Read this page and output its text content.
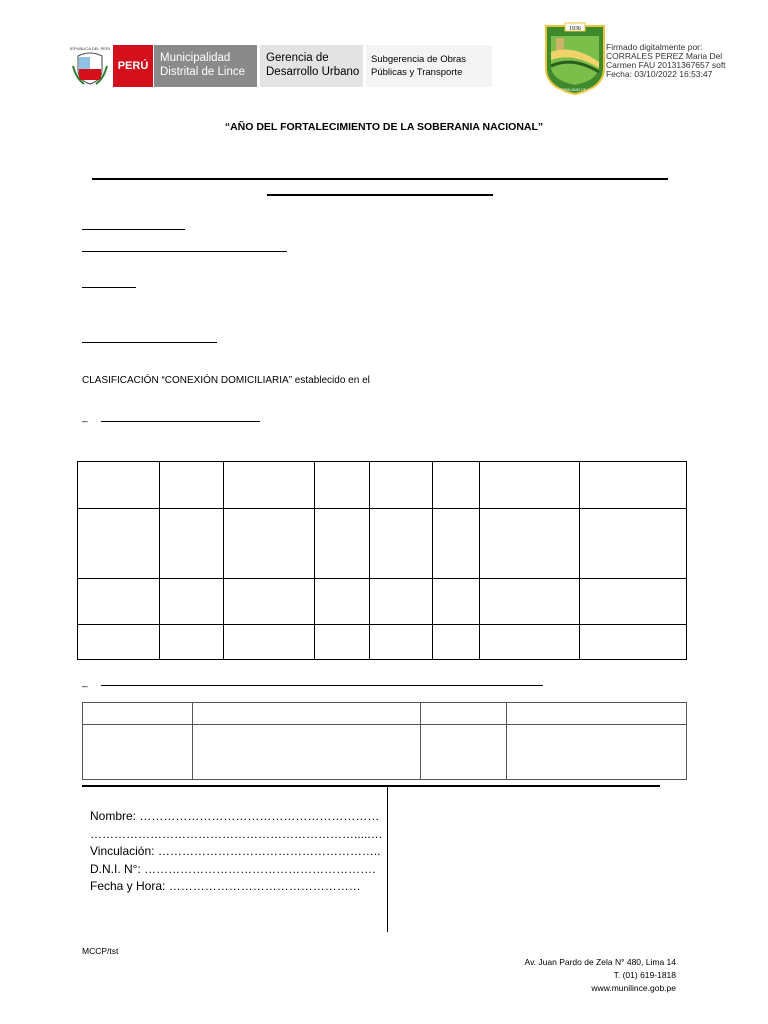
REPUBLICA DEL PERU
PERÚ
Municipalidad
Distrital de Lince
Gerencia de
Desarrollo Urbano
Subgerencia de Obras
Públicas y Transporte
1936
MUNICIPALIDAD DE LINCE
Firmado digitalmente por:
CORRALES PEREZ Maria Del
Carmen FAU 20131367657 soft
Fecha: 03/10/2022 16:53:47
“AÑO DEL FORTALECIMIENTO DE LA SOBERANIA NACIONAL”
CLASIFICACIÓN “CONEXIÓN DOMICILIARIA” establecido en el
_

_

Nombre: ……………………………………………………
………………………………………………………….....…
Vinculación: ………………………………………………..
D.N.I. N°: ………………………………………………….
Fecha y Hora: …………………………………………
MCCP/tst
Av. Juan Pardo de Zela N° 480, Lima 14
T. (01) 619-1818
www.munilince.gob.pe
